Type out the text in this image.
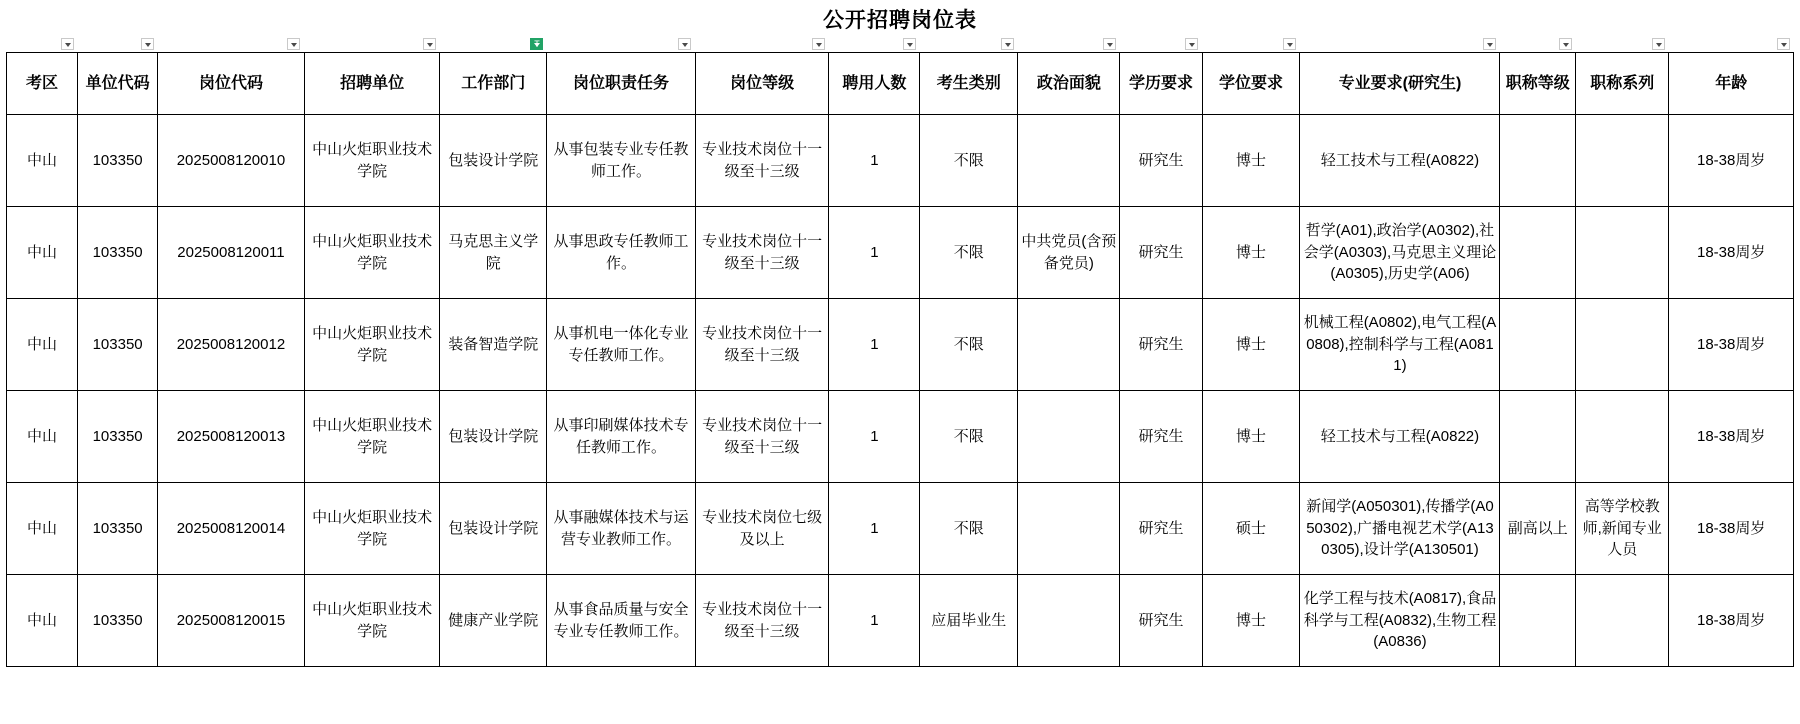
公开招聘岗位表
T
考区	单位代码	岗位代码	招聘单位	工作部门	岗位职责任务	岗位等级	聘用人数	考生类别	政治面貌	学历要求	学位要求	专业要求(研究生)	职称等级	职称系列	年龄
中山	103350	2025008120010	中山火炬职业技术学院	包装设计学院	从事包装专业专任教师工作。	专业技术岗位十一级至十三级	1	不限		研究生	博士	轻工技术与工程(A0822)			18-38周岁
中山	103350	2025008120011	中山火炬职业技术学院	马克思主义学院	从事思政专任教师工作。	专业技术岗位十一级至十三级	1	不限	中共党员(含预备党员)	研究生	博士	哲学(A01),政治学(A0302),社会学(A0303),马克思主义理论(A0305),历史学(A06)			18-38周岁
中山	103350	2025008120012	中山火炬职业技术学院	装备智造学院	从事机电一体化专业专任教师工作。	专业技术岗位十一级至十三级	1	不限		研究生	博士	机械工程(A0802),电气工程(A0808),控制科学与工程(A0811)			18-38周岁
中山	103350	2025008120013	中山火炬职业技术学院	包装设计学院	从事印刷媒体技术专任教师工作。	专业技术岗位十一级至十三级	1	不限		研究生	博士	轻工技术与工程(A0822)			18-38周岁
中山	103350	2025008120014	中山火炬职业技术学院	包装设计学院	从事融媒体技术与运营专业教师工作。	专业技术岗位七级及以上	1	不限		研究生	硕士	新闻学(A050301),传播学(A050302),广播电视艺术学(A130305),设计学(A130501)	副高以上	高等学校教师,新闻专业人员	18-38周岁
中山	103350	2025008120015	中山火炬职业技术学院	健康产业学院	从事食品质量与安全专业专任教师工作。	专业技术岗位十一级至十三级	1	应届毕业生		研究生	博士	化学工程与技术(A0817),食品科学与工程(A0832),生物工程(A0836)			18-38周岁
